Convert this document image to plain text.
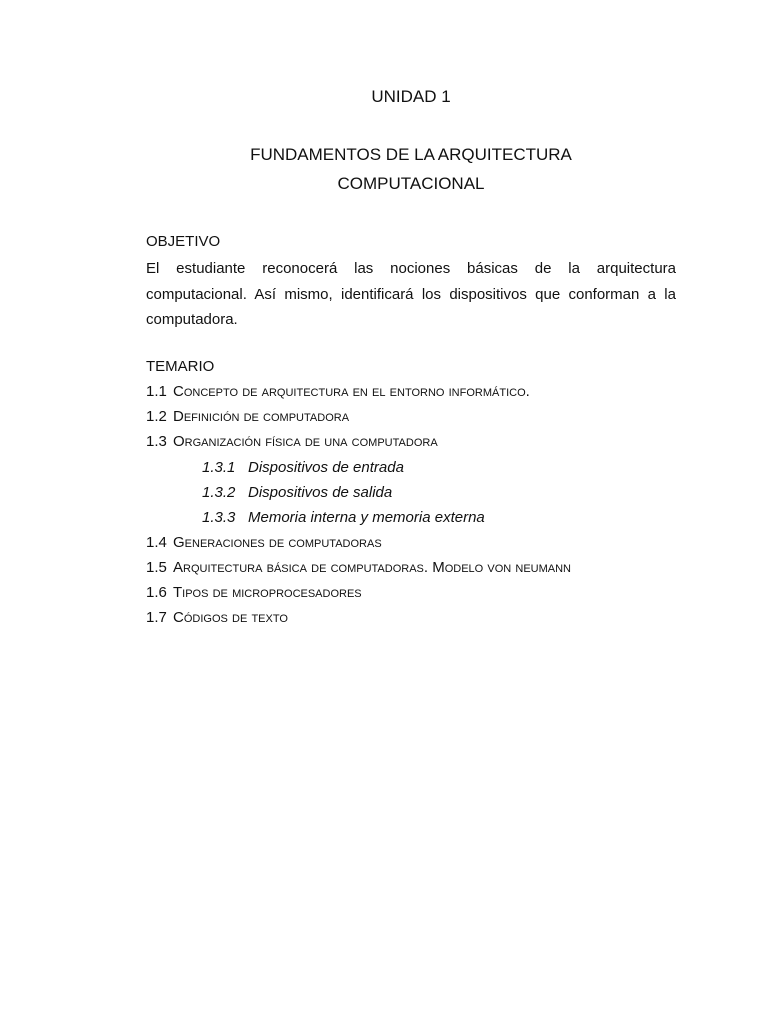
UNIDAD 1
FUNDAMENTOS DE LA ARQUITECTURA
COMPUTACIONAL
OBJETIVO
El estudiante reconocerá las nociones básicas de la arquitectura
computacional. Así mismo, identificará los dispositivos que conforman a la
computadora.
TEMARIO
1.1 Concepto de arquitectura en el entorno informático.
1.2 Definición de computadora
1.3 Organización física de una computadora
1.3.1 Dispositivos de entrada
1.3.2 Dispositivos de salida
1.3.3 Memoria interna y memoria externa
1.4 Generaciones de computadoras
1.5 Arquitectura básica de computadoras. Modelo von neumann
1.6 Tipos de microprocesadores
1.7 Códigos de texto
